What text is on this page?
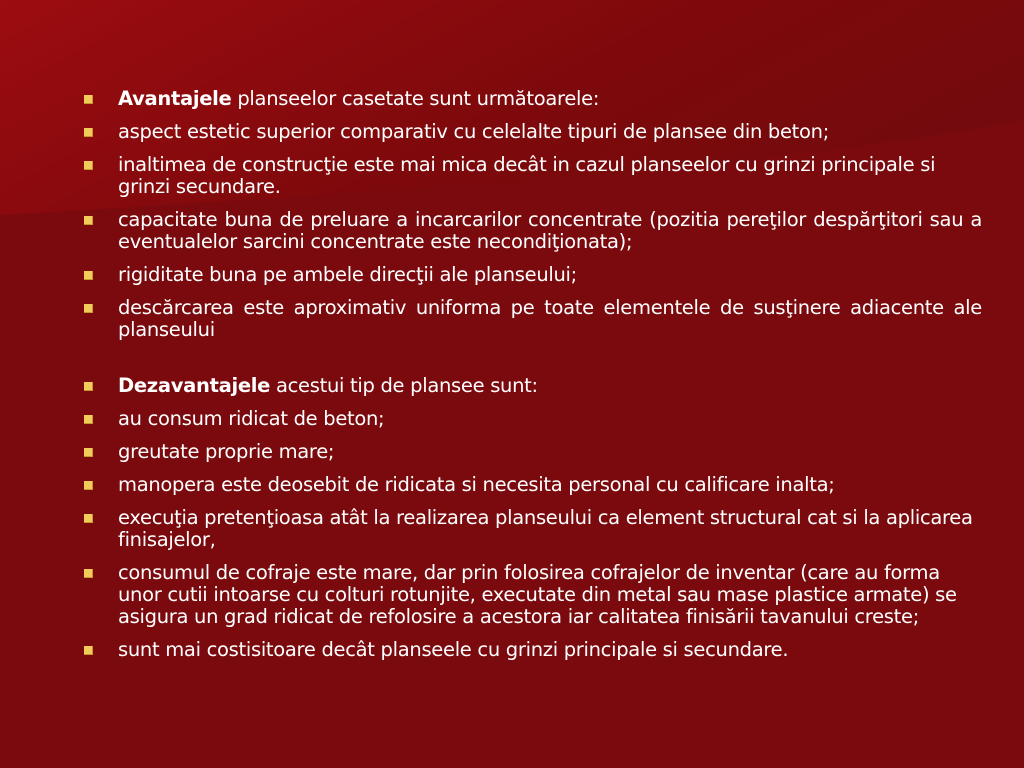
Avantajele planseelor casetate sunt următoarele:
aspect estetic superior comparativ cu celelalte tipuri de plansee din beton;
inaltimea de construcţie este mai mica decât in cazul planseelor cu grinzi principale si grinzi secundare.
capacitate buna de preluare a incarcarilor concentrate (pozitia pereţilor despărţitori sau a eventualelor sarcini concentrate este necondiţionata);
rigiditate buna pe ambele direcţii ale planseului;
descărcarea este aproximativ uniforma pe toate elementele de susţinere adiacente ale planseului
Dezavantajele acestui tip de plansee sunt:
au consum ridicat de beton;
greutate proprie mare;
manopera este deosebit de ridicata si necesita personal cu calificare inalta;
execuţia pretenţioasa atât la realizarea planseului ca element structural cat si la aplicarea finisajelor,
consumul de cofraje este mare, dar prin folosirea cofrajelor de inventar (care au forma unor cutii intoarse cu colturi rotunjite, executate din metal sau mase plastice armate) se asigura un grad ridicat de refolosire a acestora iar calitatea finisării tavanului creste;
sunt mai costisitoare decât planseele cu grinzi principale si secundare.
